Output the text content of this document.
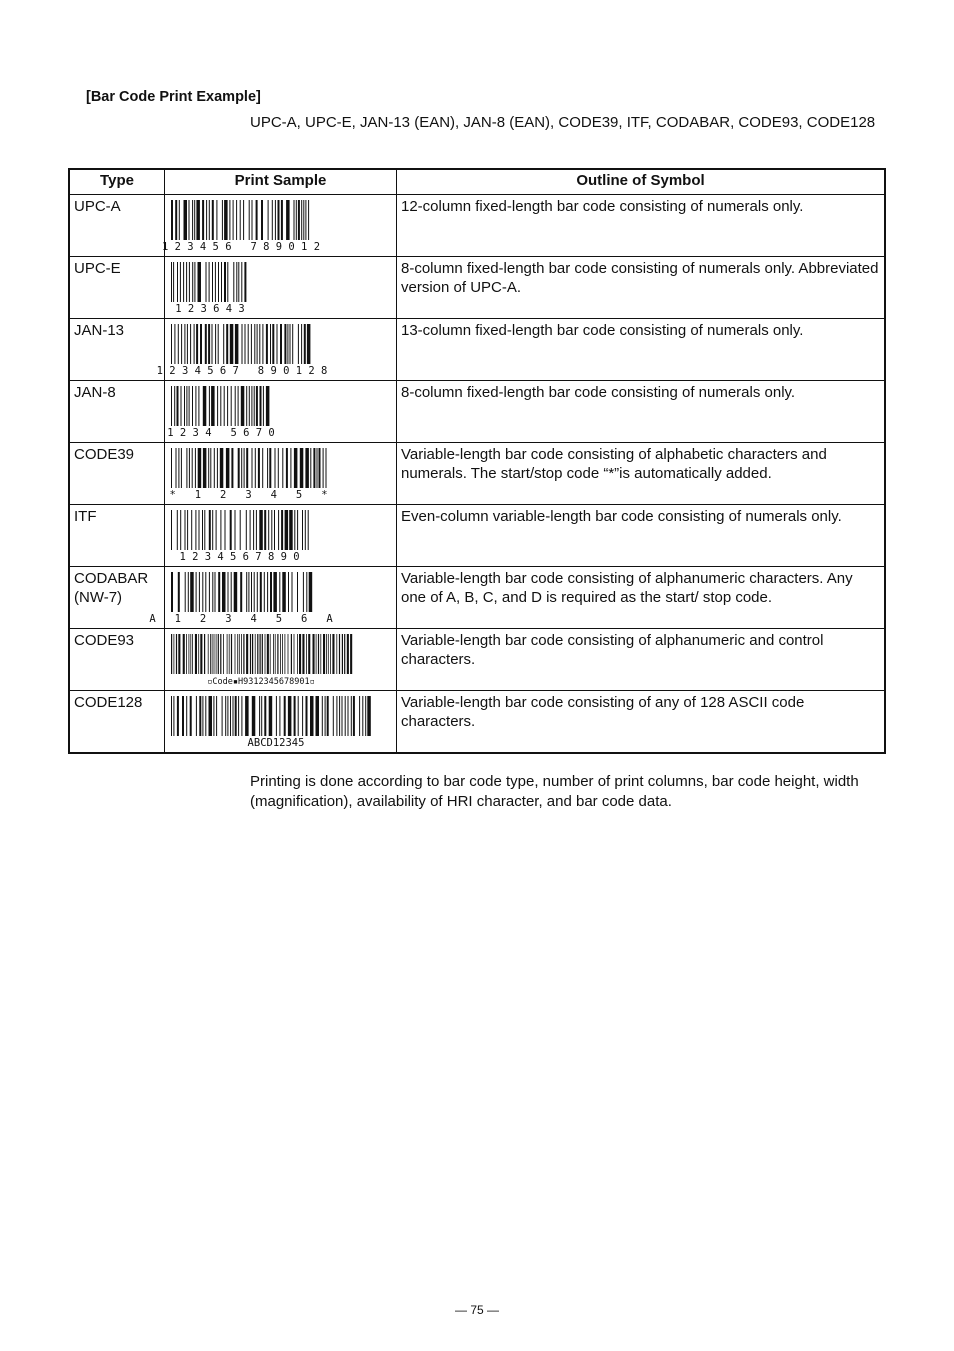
[Bar Code Print Example]
UPC-A, UPC-E, JAN-13 (EAN), JAN-8 (EAN), CODE39, ITF, CODABAR, CODE93, CODE128
Type	Print Sample	Outline of Symbol
UPC-A	1 2 3 4 5 6   7 8 9 0 1 2	12-column fixed-length bar code consisting of numerals only.
UPC-E	1 2 3 6 4 3	8-column fixed-length bar code consisting of numerals only. Abbreviated version of UPC-A.
JAN-13	1 2 3 4 5 6 7   8 9 0 1 2 8	13-column fixed-length bar code consisting of numerals only.
JAN-8	1 2 3 4   5 6 7 0	8-column fixed-length bar code consisting of numerals only.
CODE39	*   1   2   3   4   5   *	Variable-length bar code consisting of alphabetic characters and numerals. The start/stop code “*”is automatically added.
ITF	1 2 3 4 5 6 7 8 9 0	Even-column variable-length bar code consisting of numerals only.
CODABAR
(NW-7)	A   1   2   3   4   5   6   A	Variable-length bar code consisting of alphanumeric characters. Any one of A, B, C, and D is required as the start/ stop code.
CODE93	▫Code▪H9312345678901▫	Variable-length bar code consisting of alphanumeric and control characters.
CODE128	ABCD12345	Variable-length bar code consisting of any of 128 ASCII code characters.
Printing is done according to bar code type, number of print columns, bar code height, width (magnification), availability of HRI character, and bar code data.
— 75 —
